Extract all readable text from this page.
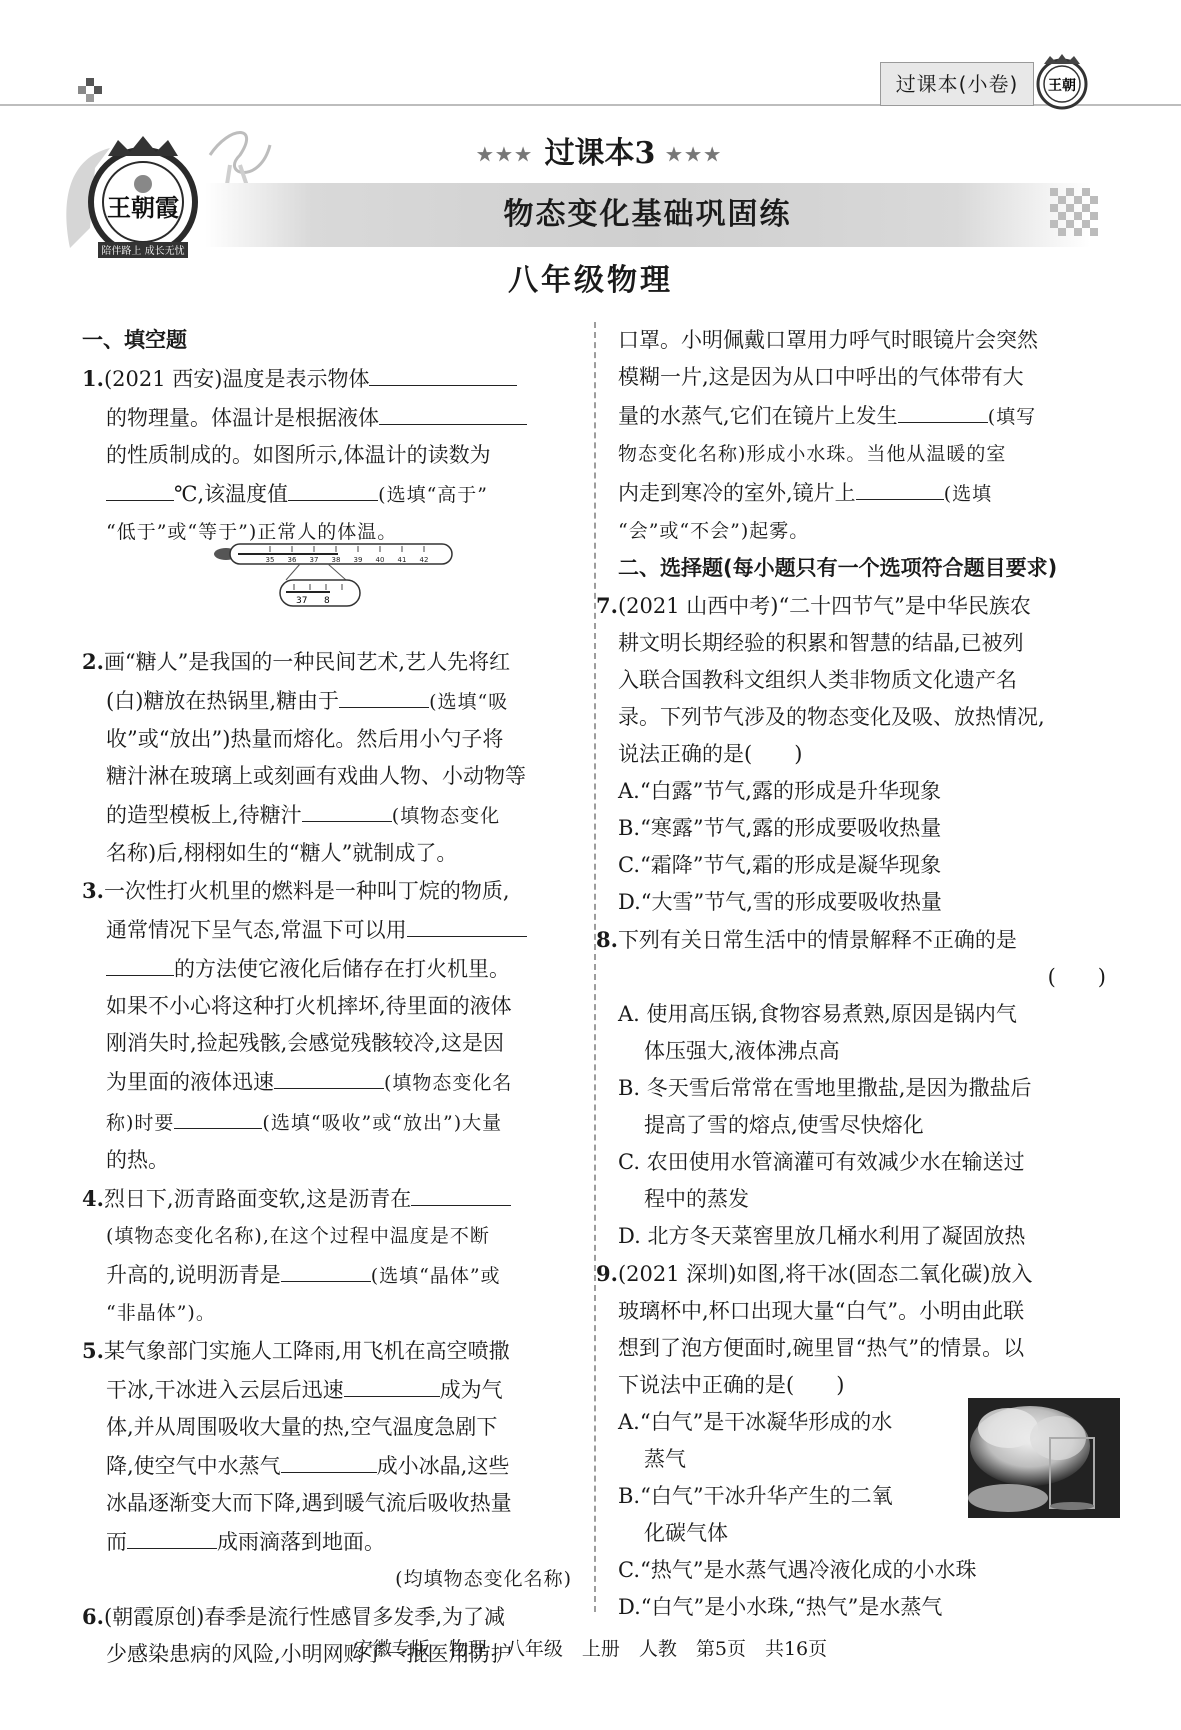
过课本(小卷)	王朝
王朝霞
陪伴路上 成长无忧
★★★ 过课本3 ★★★
物态变化基础巩固练
八年级物理
一、填空题
1.(2021 西安)温度是表示物体
的物理量。体温计是根据液体
的性质制成的。如图所示,体温计的读数为
℃,该温度值	(选填“高于”
“低于”或“等于”)正常人的体温。
2.画“糖人”是我国的一种民间艺术,艺人先将红
(白)糖放在热锅里,糖由于	(选填“吸
收”或“放出”)热量而熔化。然后用小勺子将
糖汁淋在玻璃上或刻画有戏曲人物、小动物等
的造型模板上,待糖汁	(填物态变化
名称)后,栩栩如生的“糖人”就制成了。
3.一次性打火机里的燃料是一种叫丁烷的物质,
通常情况下呈气态,常温下可以用
的方法使它液化后储存在打火机里。
如果不小心将这种打火机摔坏,待里面的液体
刚消失时,捡起残骸,会感觉残骸较冷,这是因
为里面的液体迅速	(填物态变化名
称)时要	(选填“吸收”或“放出”)大量
的热。
4.烈日下,沥青路面变软,这是沥青在
(填物态变化名称),在这个过程中温度是不断
升高的,说明沥青是	(选填“晶体”或
“非晶体”)。
5.某气象部门实施人工降雨,用飞机在高空喷撒
干冰,干冰进入云层后迅速	成为气
体,并从周围吸收大量的热,空气温度急剧下
降,使空气中水蒸气	成小冰晶,这些
冰晶逐渐变大而下降,遇到暖气流后吸收热量
而	成雨滴落到地面。
(均填物态变化名称)
6.(朝霞原创)春季是流行性感冒多发季,为了减
少感染患病的风险,小明网购了一批医用防护
35 36 37 38 39 40 41 42
37 8
口罩。小明佩戴口罩用力呼气时眼镜片会突然
模糊一片,这是因为从口中呼出的气体带有大
量的水蒸气,它们在镜片上发生	(填写
物态变化名称)形成小水珠。当他从温暖的室
内走到寒冷的室外,镜片上	(选填
“会”或“不会”)起雾。
二、选择题(每小题只有一个选项符合题目要求)
7.(2021 山西中考)“二十四节气”是中华民族农
耕文明长期经验的积累和智慧的结晶,已被列
入联合国教科文组织人类非物质文化遗产名
录。下列节气涉及的物态变化及吸、放热情况,
说法正确的是(　　)
A.“白露”节气,露的形成是升华现象
B.“寒露”节气,露的形成要吸收热量
C.“霜降”节气,霜的形成是凝华现象
D.“大雪”节气,雪的形成要吸收热量
8.下列有关日常生活中的情景解释不正确的是
(　　)
A. 使用高压锅,食物容易煮熟,原因是锅内气
体压强大,液体沸点高
B. 冬天雪后常常在雪地里撒盐,是因为撒盐后
提高了雪的熔点,使雪尽快熔化
C. 农田使用水管滴灌可有效减少水在输送过
程中的蒸发
D. 北方冬天菜窖里放几桶水利用了凝固放热
9.(2021 深圳)如图,将干冰(固态二氧化碳)放入
玻璃杯中,杯口出现大量“白气”。小明由此联
想到了泡方便面时,碗里冒“热气”的情景。以
下说法中正确的是(　　)
A.“白气”是干冰凝华形成的水
蒸气
B.“白气”干冰升华产生的二氧
化碳气体
C.“热气”是水蒸气遇冷液化成的小水珠
D.“白气”是小水珠,“热气”是水蒸气
安徽专版　物理　八年级　上册　人教　第5页　共16页
